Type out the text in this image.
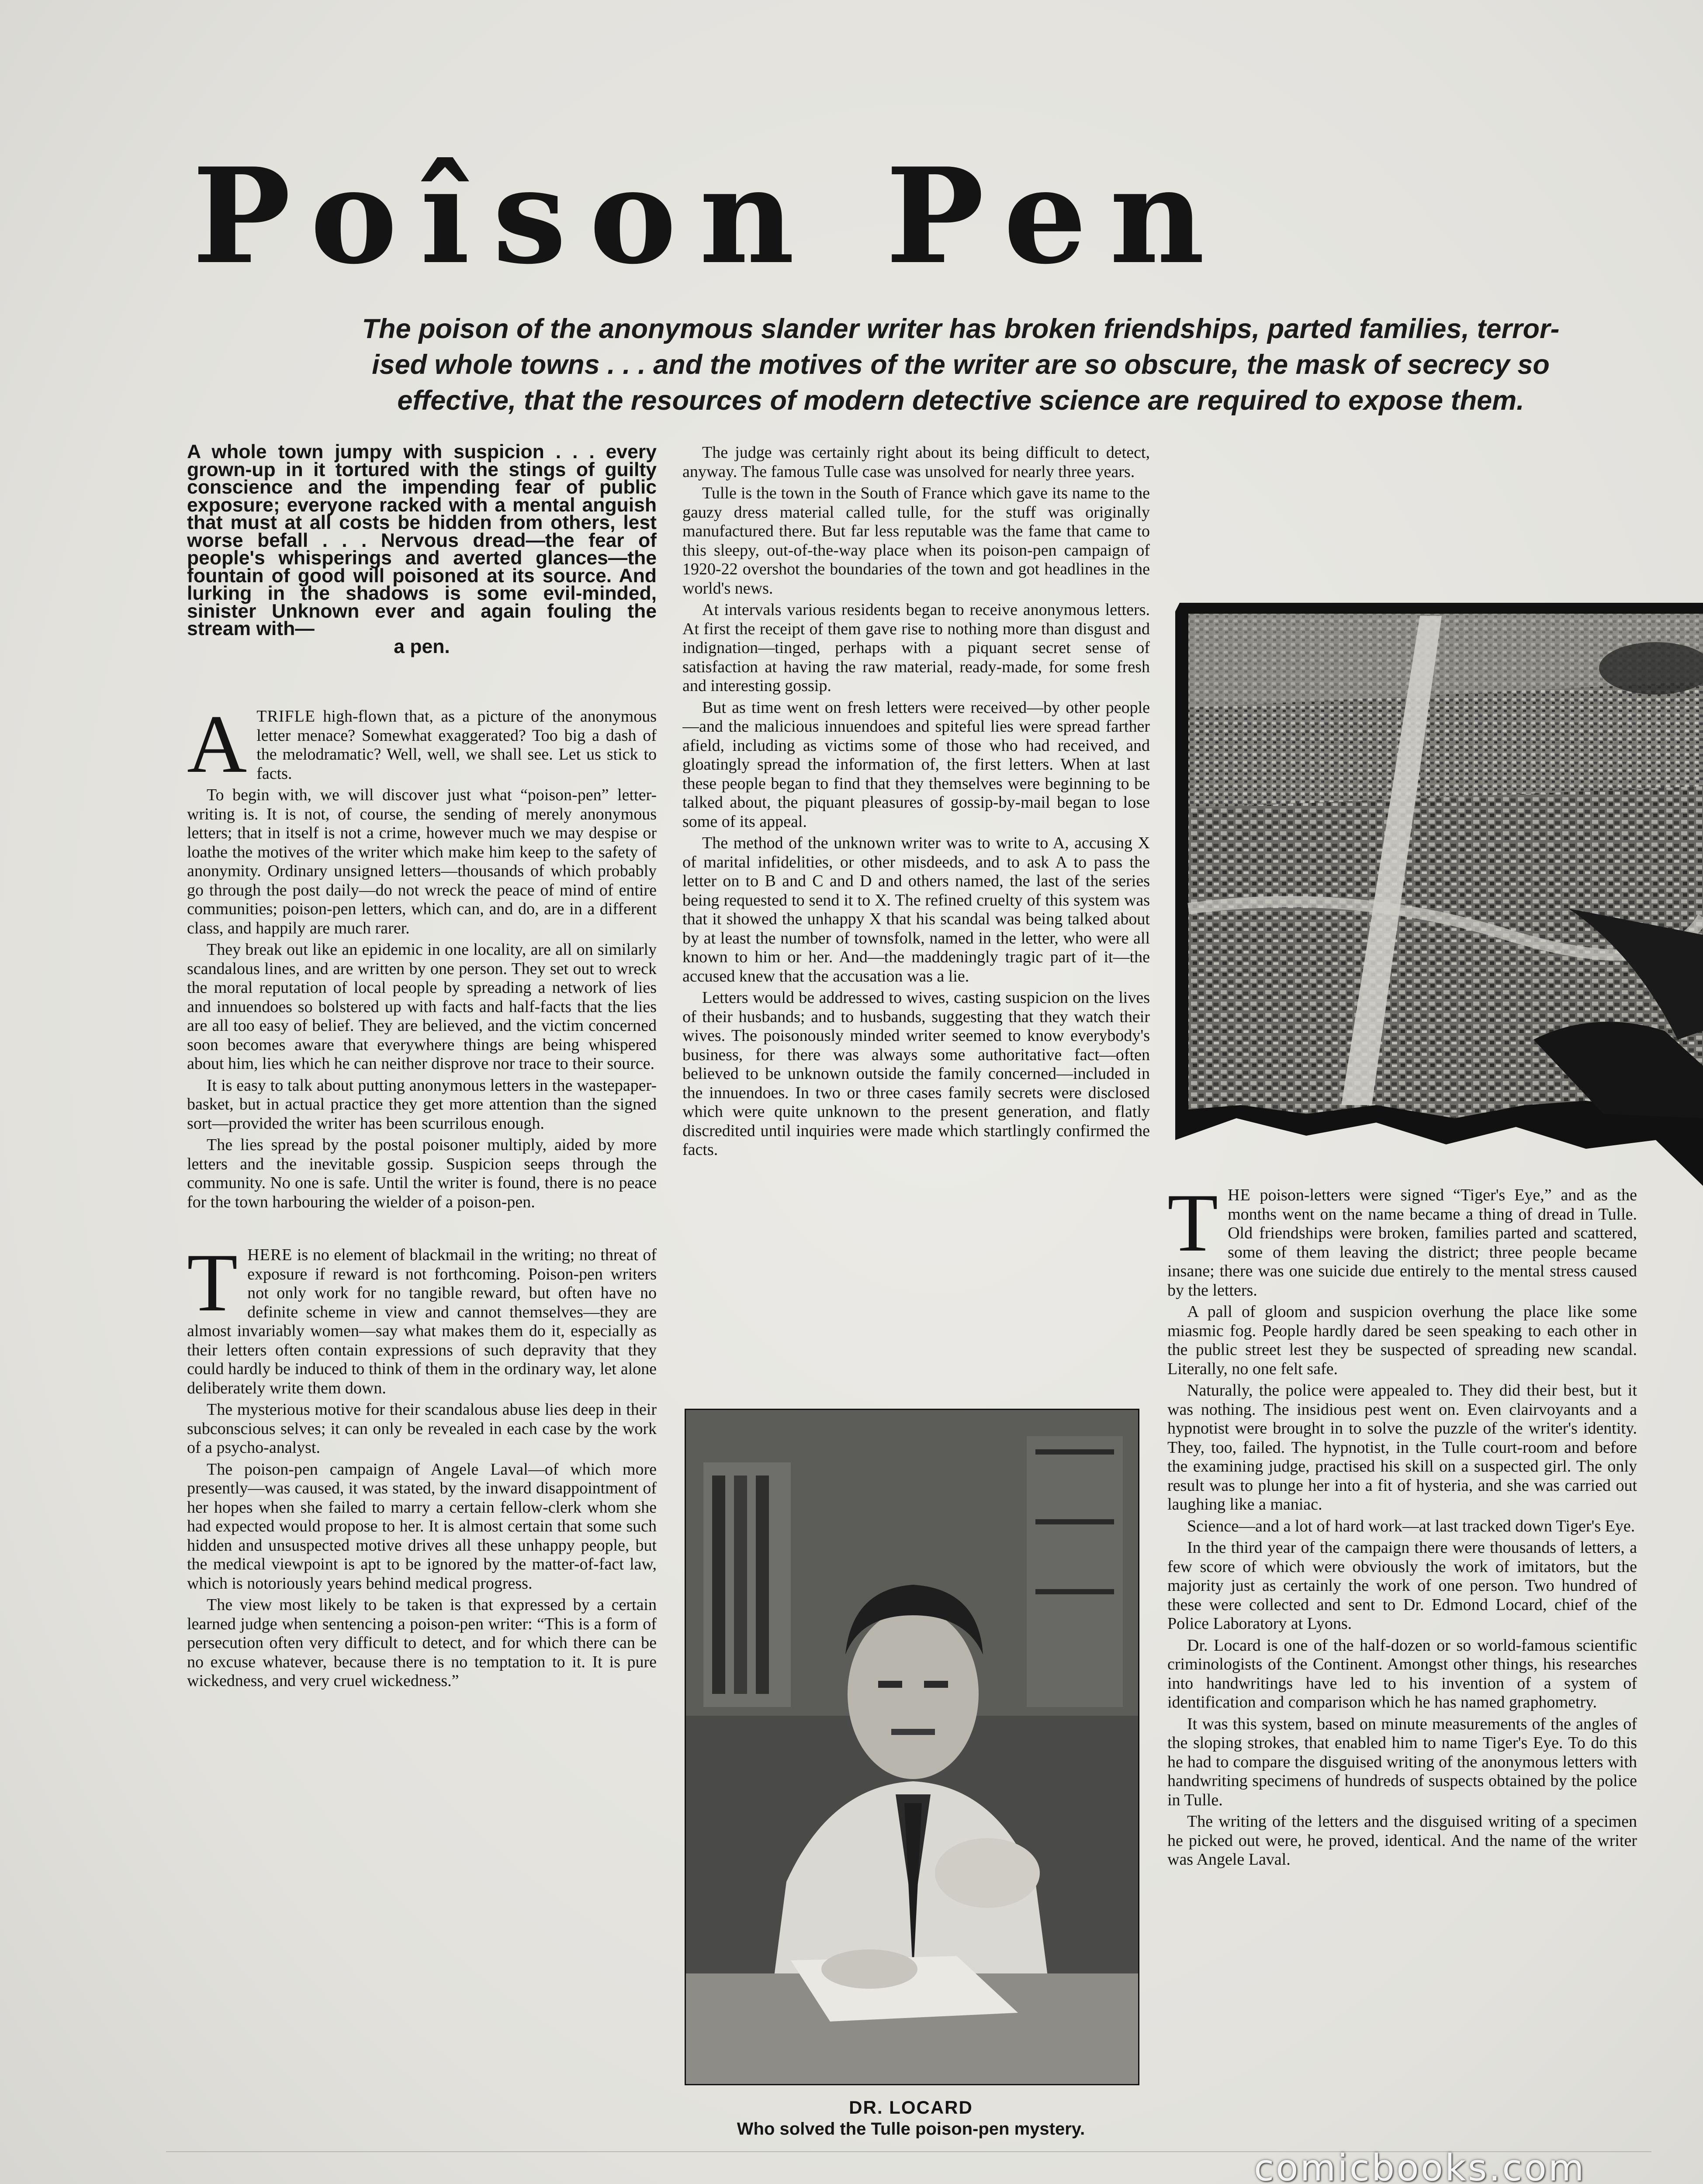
Poîson Pen
The poison of the anonymous slander writer has broken friendships, parted families, terror-
ised whole towns . . . and the motives of the writer are so obscure, the mask of secrecy so
effective, that the resources of modern detective science are required to expose them.

A whole town jumpy with suspicion . . . every grown-up in it tortured with the stings of guilty conscience and the impending fear of public exposure; everyone racked with a mental anguish that must at all costs be hidden from others, lest worse befall . . . Nervous dread—the fear of people's whisperings and averted glances—the fountain of good will poisoned at its source. And lurking in the shadows is some evil-minded, sinister Unknown ever and again fouling the stream with—
a pen.

ATRIFLE high-flown that, as a picture of the anonymous letter menace? Somewhat exaggerated? Too big a dash of the melodramatic? Well, well, we shall see. Let us stick to facts.

To begin with, we will discover just what “poison-pen” letter-writing is. It is not, of course, the sending of merely anonymous letters; that in itself is not a crime, however much we may despise or loathe the motives of the writer which make him keep to the safety of anonymity. Ordinary unsigned letters—thousands of which probably go through the post daily—do not wreck the peace of mind of entire communities; poison-pen letters, which can, and do, are in a different class, and happily are much rarer.

They break out like an epidemic in one locality, are all on similarly scandalous lines, and are written by one person. They set out to wreck the moral reputation of local people by spreading a network of lies and innuendoes so bolstered up with facts and half-facts that the lies are all too easy of belief. They are believed, and the victim concerned soon becomes aware that everywhere things are being whispered about him, lies which he can neither disprove nor trace to their source.

It is easy to talk about putting anonymous letters in the wastepaper-basket, but in actual practice they get more attention than the signed sort—provided the writer has been scurrilous enough.

The lies spread by the postal poisoner multiply, aided by more letters and the inevitable gossip. Suspicion seeps through the community. No one is safe. Until the writer is found, there is no peace for the town harbouring the wielder of a poison-pen.

THERE is no element of blackmail in the writing; no threat of exposure if reward is not forthcoming. Poison-pen writers not only work for no tangible reward, but often have no definite scheme in view and cannot themselves—they are almost invariably women—say what makes them do it, especially as their letters often contain expressions of such depravity that they could hardly be induced to think of them in the ordinary way, let alone deliberately write them down.

The mysterious motive for their scandalous abuse lies deep in their subconscious selves; it can only be revealed in each case by the work of a psycho-analyst.

The poison-pen campaign of Angele Laval—of which more presently—was caused, it was stated, by the inward disappointment of her hopes when she failed to marry a certain fellow-clerk whom she had expected would propose to her. It is almost certain that some such hidden and unsuspected motive drives all these unhappy people, but the medical viewpoint is apt to be ignored by the matter-of-fact law, which is notoriously years behind medical progress.

The view most likely to be taken is that expressed by a certain learned judge when sentencing a poison-pen writer: “This is a form of persecution often very difficult to detect, and for which there can be no excuse whatever, because there is no temptation to it. It is pure wickedness, and very cruel wickedness.”

The judge was certainly right about its being difficult to detect, anyway. The famous Tulle case was unsolved for nearly three years.

Tulle is the town in the South of France which gave its name to the gauzy dress material called tulle, for the stuff was originally manufactured there. But far less reputable was the fame that came to this sleepy, out-of-the-way place when its poison-pen campaign of 1920-22 overshot the boundaries of the town and got headlines in the world's news.

At intervals various residents began to receive anonymous letters. At first the receipt of them gave rise to nothing more than disgust and indignation—tinged, perhaps with a piquant secret sense of satisfaction at having the raw material, ready-made, for some fresh and interesting gossip.

But as time went on fresh letters were received—by other people—and the malicious innuendoes and spiteful lies were spread farther afield, including as victims some of those who had received, and gloatingly spread the information of, the first letters. When at last these people began to find that they themselves were beginning to be talked about, the piquant pleasures of gossip-by-mail began to lose some of its appeal.

The method of the unknown writer was to write to A, accusing X of marital infidelities, or other misdeeds, and to ask A to pass the letter on to B and C and D and others named, the last of the series being requested to send it to X. The refined cruelty of this system was that it showed the unhappy X that his scandal was being talked about by at least the number of townsfolk, named in the letter, who were all known to him or her. And—the maddeningly tragic part of it—the accused knew that the accusation was a lie.

Letters would be addressed to wives, casting suspicion on the lives of their husbands; and to husbands, suggesting that they watch their wives. The poisonously minded writer seemed to know everybody's business, for there was always some authoritative fact—often believed to be unknown outside the family concerned—included in the innuendoes. In two or three cases family secrets were disclosed which were quite unknown to the present generation, and flatly discredited until inquiries were made which startlingly confirmed the facts.

DR. LOCARD
Who solved the Tulle poison-pen mystery.

THE poison-letters were signed “Tiger's Eye,” and as the months went on the name became a thing of dread in Tulle. Old friendships were broken, families parted and scattered, some of them leaving the district; three people became insane; there was one suicide due entirely to the mental stress caused by the letters.

A pall of gloom and suspicion overhung the place like some miasmic fog. People hardly dared be seen speaking to each other in the public street lest they be suspected of spreading new scandal. Literally, no one felt safe.

Naturally, the police were appealed to. They did their best, but it was nothing. The insidious pest went on. Even clairvoyants and a hypnotist were brought in to solve the puzzle of the writer's identity. They, too, failed. The hypnotist, in the Tulle court-room and before the examining judge, practised his skill on a suspected girl. The only result was to plunge her into a fit of hysteria, and she was carried out laughing like a maniac.

Science—and a lot of hard work—at last tracked down Tiger's Eye.

In the third year of the campaign there were thousands of letters, a few score of which were obviously the work of imitators, but the majority just as certainly the work of one person. Two hundred of these were collected and sent to Dr. Edmond Locard, chief of the Police Laboratory at Lyons.

Dr. Locard is one of the half-dozen or so world-famous scientific criminologists of the Continent. Amongst other things, his researches into handwritings have led to his invention of a system of identification and comparison which he has named graphometry.

It was this system, based on minute measurements of the angles of the sloping strokes, that enabled him to name Tiger's Eye. To do this he had to compare the disguised writing of the anonymous letters with handwriting specimens of hundreds of suspects obtained by the police in Tulle.

The writing of the letters and the disguised writing of a specimen he picked out were, he proved, identical. And the name of the writer was Angele Laval.

comicbooks.com
